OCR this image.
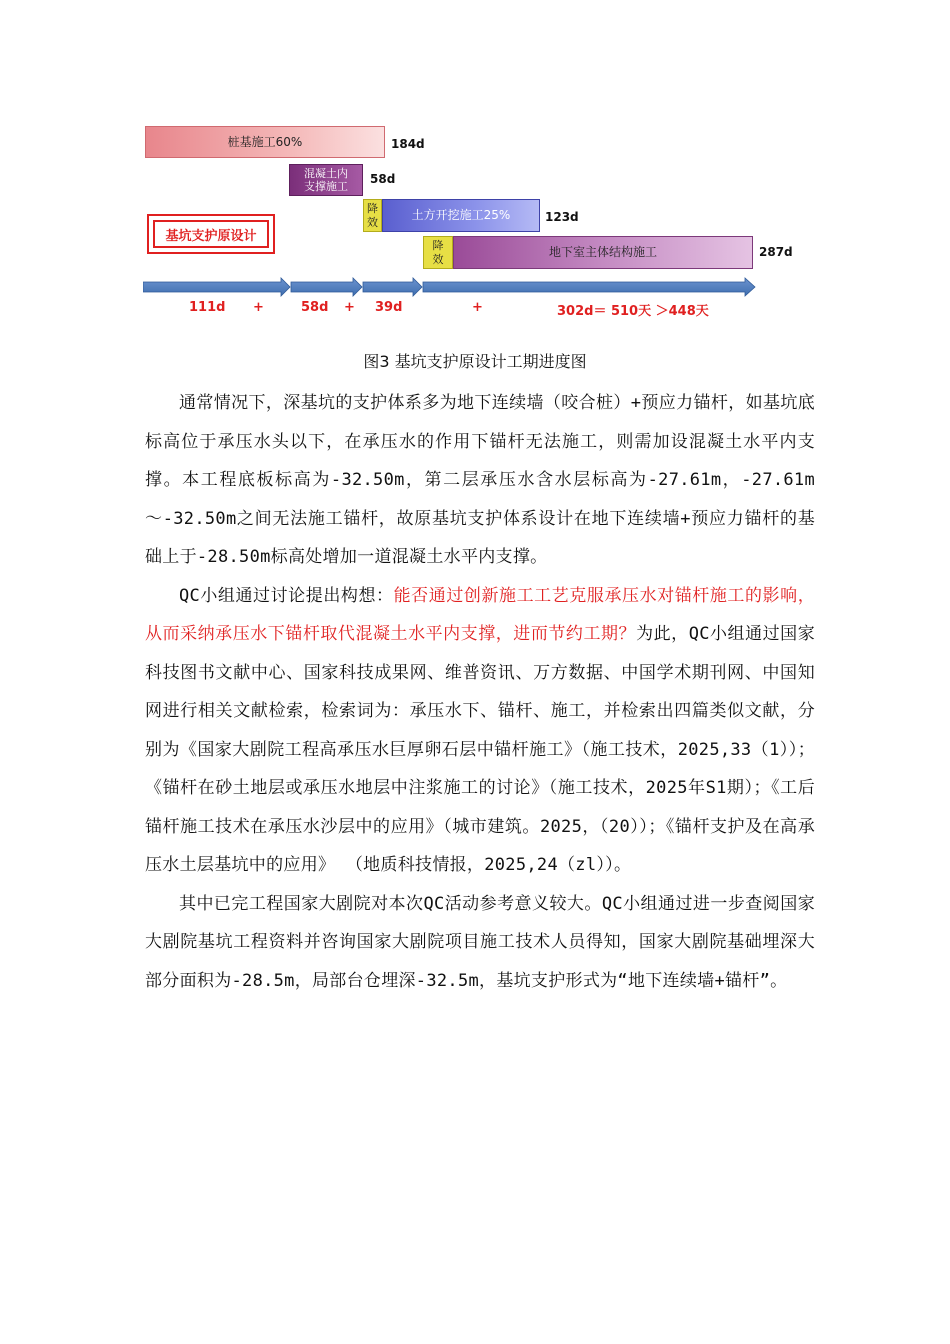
桩基施工60%	184d
混凝土内
支撑施工
58d
降
效	土方开挖施工25%	123d
降
效	地下室主体结构施工	287d
基坑支护原设计
111d +	58d + 39d	+	302d＝ 510天 ＞448天
图3 基坑支护原设计工期进度图

通常情况下，深基坑的支护体系多为地下连续墙（咬合桩）+预应力锚杆，如基坑底标高位于承压水头以下，在承压水的作用下锚杆无法施工，则需加设混凝土水平内支撑。本工程底板标高为-32.50m，第二层承压水含水层标高为-27.61m，-27.61m～-32.50m之间无法施工锚杆，故原基坑支护体系设计在地下连续墙+预应力锚杆的基础上于-28.50m标高处增加一道混凝土水平内支撑。

QC小组通过讨论提出构想：能否通过创新施工工艺克服承压水对锚杆施工的影响，从而采纳承压水下锚杆取代混凝土水平内支撑，进而节约工期？为此，QC小组通过国家科技图书文献中心、国家科技成果网、维普资讯、万方数据、中国学术期刊网、中国知网进行相关文献检索，检索词为：承压水下、锚杆、施工，并检索出四篇类似文献，分别为《国家大剧院工程高承压水巨厚卵石层中锚杆施工》（施工技术，2025,33（1））；《锚杆在砂土地层或承压水地层中注浆施工的讨论》（施工技术，2025年S1期）；《工后锚杆施工技术在承压水沙层中的应用》（城市建筑。2025，（20））；《锚杆支护及在高承压水土层基坑中的应用》 （地质科技情报，2025,24（zl））。

其中已完工程国家大剧院对本次QC活动参考意义较大。QC小组通过进一步查阅国家大剧院基坑工程资料并咨询国家大剧院项目施工技术人员得知，国家大剧院基础埋深大部分面积为-28.5m，局部台仓埋深-32.5m，基坑支护形式为“地下连续墙+锚杆”。
